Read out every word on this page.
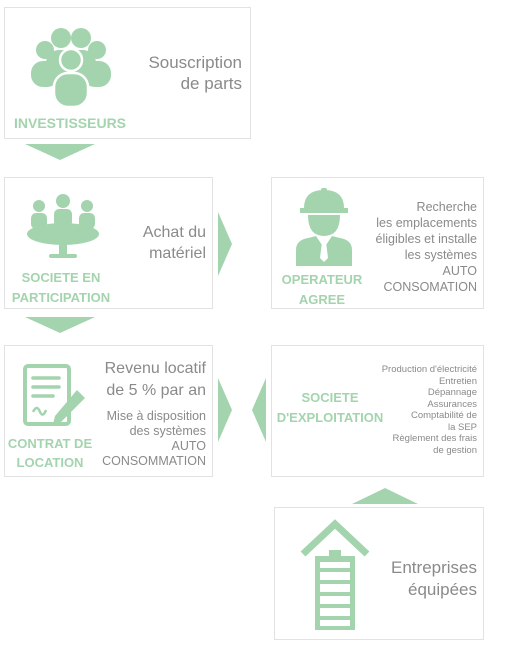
INVESTISSEURS
Souscription
de parts
SOCIETE EN
PARTICIPATION
Achat du
matériel
OPERATEUR
AGREE
Recherche
les emplacements
éligibles et installe
les systèmes
AUTO
CONSOMATION
CONTRAT DE
LOCATION
Revenu locatif
de 5 % par an
Mise à disposition
des systèmes
AUTO
CONSOMMATION
SOCIETE
D'EXPLOITATION
Production d'électricité
Entretien
Dépannage
Assurances
Comptabilité de
la SEP
Règlement des frais
de gestion
Entreprises
équipées
